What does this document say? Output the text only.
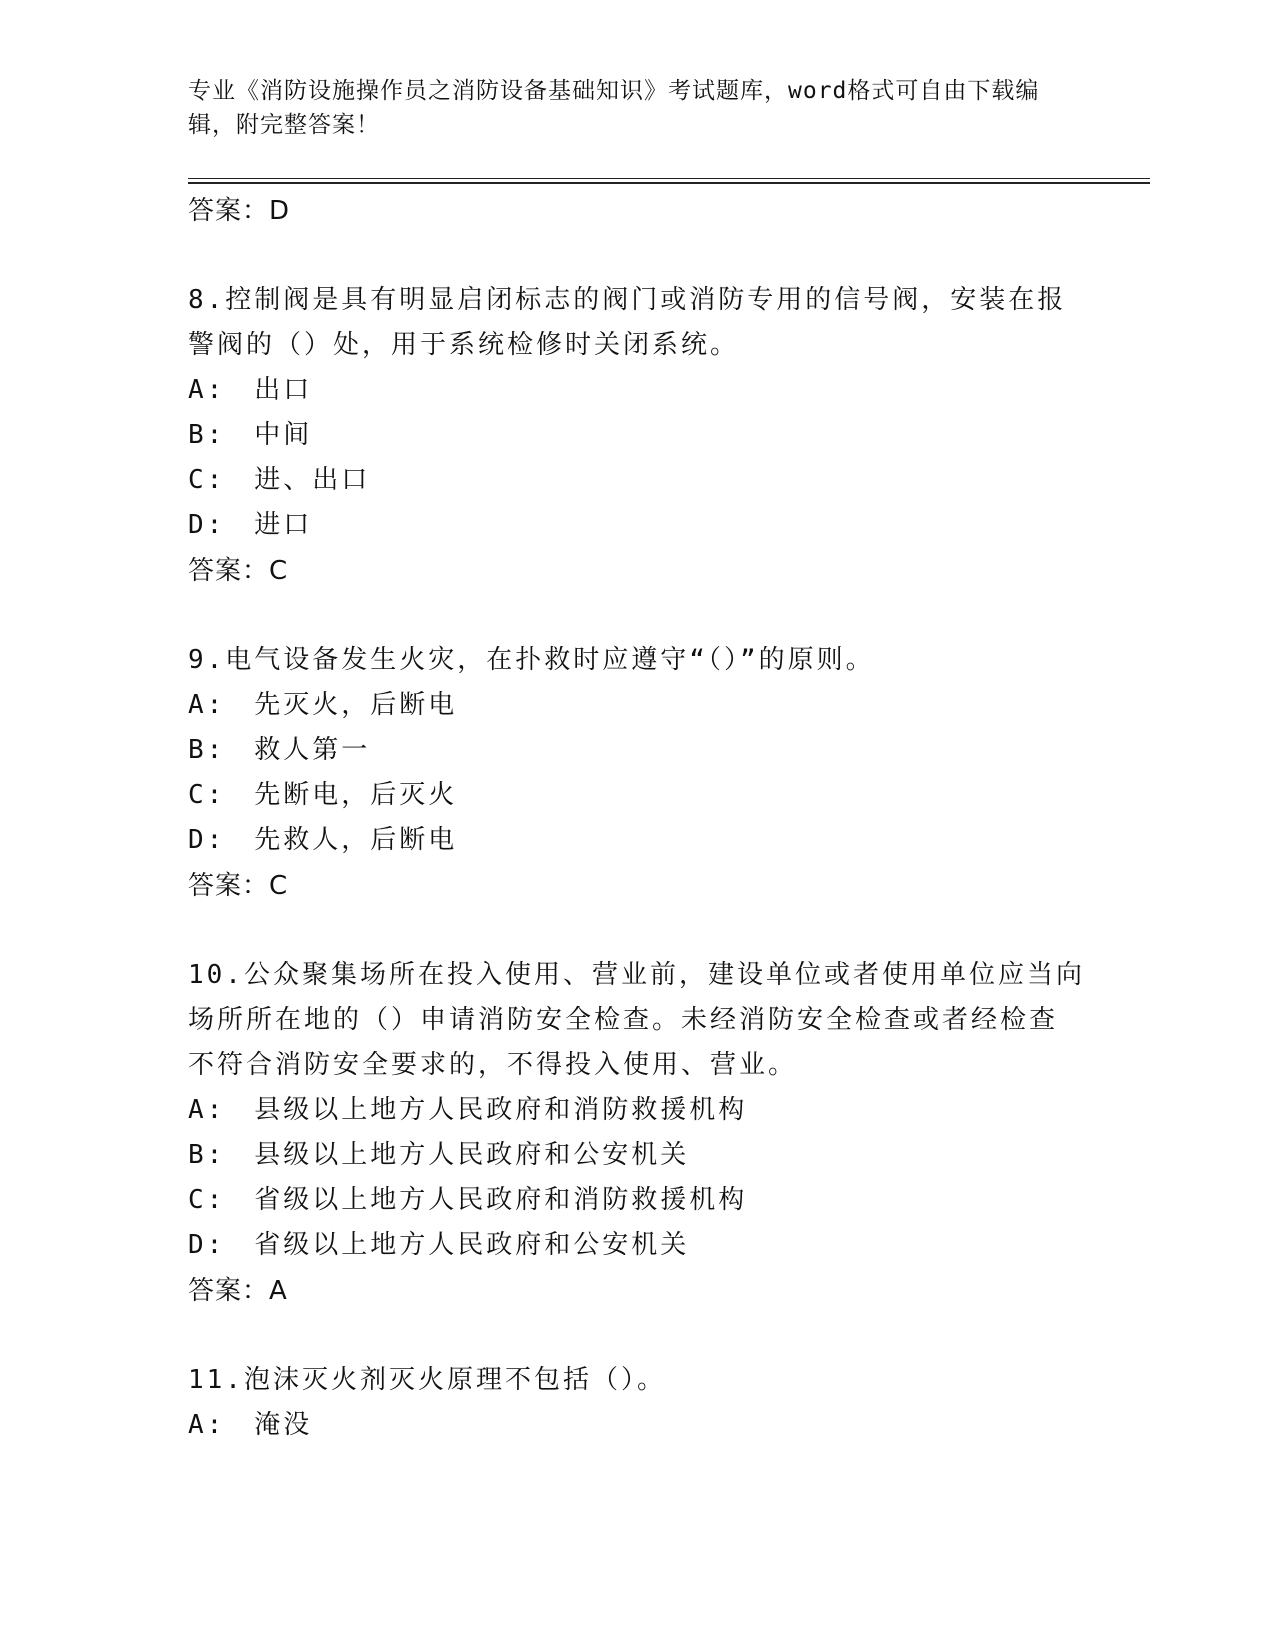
专业《消防设施操作员之消防设备基础知识》考试题库，word格式可自由下载编
辑，附完整答案！

答案：D

8.控制阀是具有明显启闭标志的阀门或消防专用的信号阀，安装在报

警阀的（）处，用于系统检修时关闭系统。

A:　出口

B:　中间

C:　进、出口

D:　进口

答案：C

9.电气设备发生火灾，在扑救时应遵守“（）”的原则。

A:　先灭火，后断电

B:　救人第一

C:　先断电，后灭火

D:　先救人，后断电

答案：C

10.公众聚集场所在投入使用、营业前，建设单位或者使用单位应当向

场所所在地的（）申请消防安全检查。未经消防安全检查或者经检查

不符合消防安全要求的，不得投入使用、营业。

A:　县级以上地方人民政府和消防救援机构

B:　县级以上地方人民政府和公安机关

C:　省级以上地方人民政府和消防救援机构

D:　省级以上地方人民政府和公安机关

答案：A

11.泡沫灭火剂灭火原理不包括（）。

A:　淹没
